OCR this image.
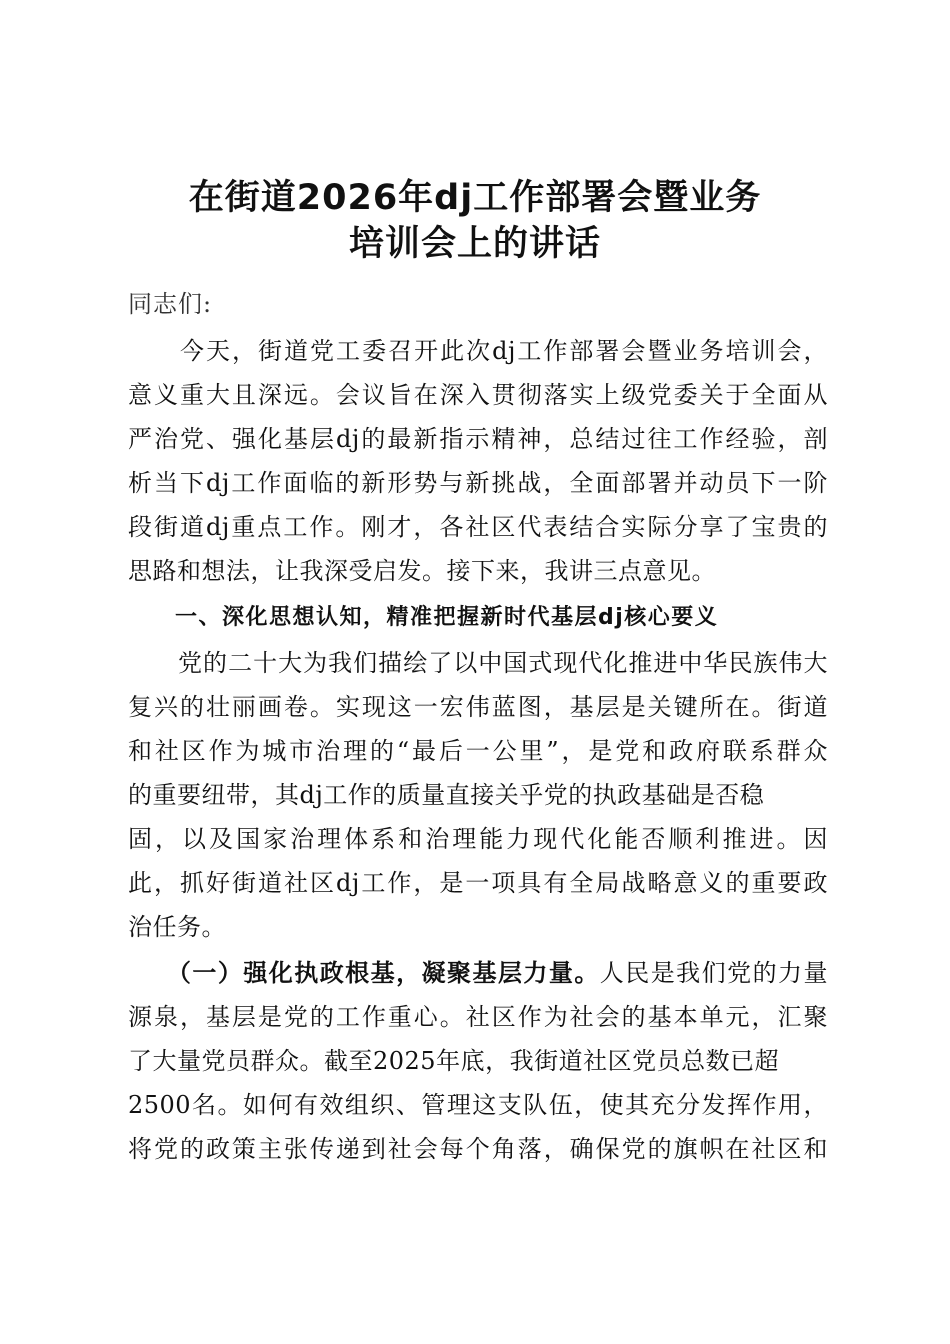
在街道2026年dj工作部署会暨业务
培训会上的讲话
同志们:
　　今天，街道党工委召开此次dj工作部署会暨业务培训会，
意义重大且深远。会议旨在深入贯彻落实上级党委关于全面从
严治党、强化基层dj的最新指示精神，总结过往工作经验，剖
析当下dj工作面临的新形势与新挑战，全面部署并动员下一阶
段街道dj重点工作。刚才，各社区代表结合实际分享了宝贵的
思路和想法，让我深受启发。接下来，我讲三点意见。
　　一、深化思想认知，精准把握新时代基层dj核心要义
　　党的二十大为我们描绘了以中国式现代化推进中华民族伟大
复兴的壮丽画卷。实现这一宏伟蓝图，基层是关键所在。街道
和社区作为城市治理的“最后一公里”，是党和政府联系群众
的重要纽带，其dj工作的质量直接关乎党的执政基础是否稳
固，以及国家治理体系和治理能力现代化能否顺利推进。因
此，抓好街道社区dj工作，是一项具有全局战略意义的重要政
治任务。
　　（一）强化执政根基，凝聚基层力量。人民是我们党的力量
源泉，基层是党的工作重心。社区作为社会的基本单元，汇聚
了大量党员群众。截至2025年底，我街道社区党员总数已超
2500名。如何有效组织、管理这支队伍，使其充分发挥作用，
将党的政策主张传递到社会每个角落，确保党的旗帜在社区和
